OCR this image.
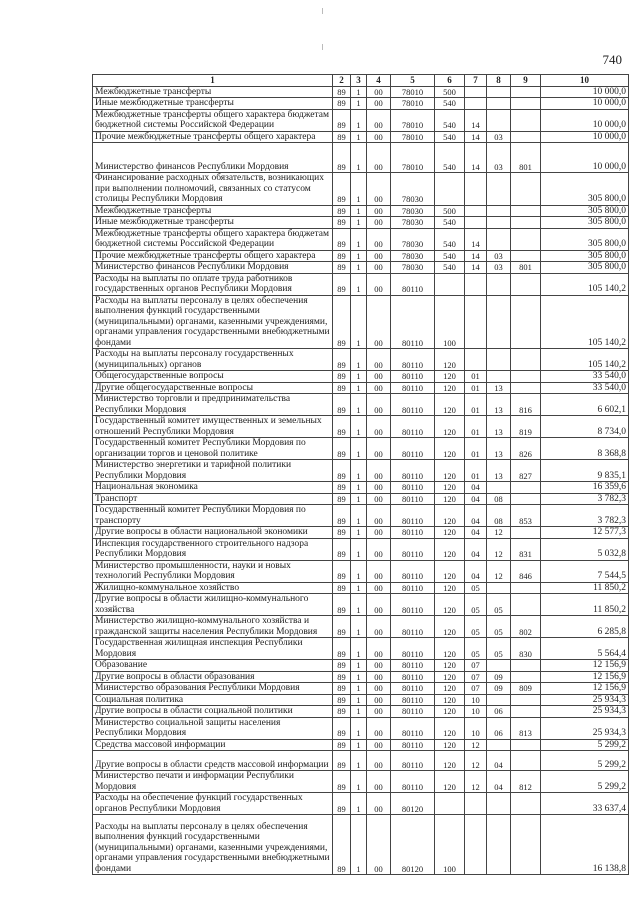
740
1	2	3	4	5	6	7	8	9	10
Межбюджетные трансферты	89	1	00	78010	500				10 000,0
Иные межбюджетные трансферты	89	1	00	78010	540				10 000,0
Межбюджетные трансферты общего характера бюджетам бюджетной системы Российской Федерации	89	1	00	78010	540	14			10 000,0
Прочие межбюджетные трансферты общего характера	89	1	00	78010	540	14	03		10 000,0
Министерство финансов Республики Мордовия	89	1	00	78010	540	14	03	801	10 000,0
Финансирование расходных обязательств, возникающих при выполнении полномочий, связанных со статусом столицы Республики Мордовия	89	1	00	78030					305 800,0
Межбюджетные трансферты	89	1	00	78030	500				305 800,0
Иные межбюджетные трансферты	89	1	00	78030	540				305 800,0
Межбюджетные трансферты общего характера бюджетам бюджетной системы Российской Федерации	89	1	00	78030	540	14			305 800,0
Прочие межбюджетные трансферты общего характера	89	1	00	78030	540	14	03		305 800,0
Министерство финансов Республики Мордовия	89	1	00	78030	540	14	03	801	305 800,0
Расходы на выплаты по оплате труда работников государственных органов Республики Мордовия	89	1	00	80110					105 140,2
Расходы на выплаты персоналу в целях обеспечения выполнения функций государственными (муниципальными) органами, казенными учреждениями, органами управления государственными внебюджетными фондами	89	1	00	80110	100				105 140,2
Расходы на выплаты персоналу государственных (муниципальных) органов	89	1	00	80110	120				105 140,2
Общегосударственные вопросы	89	1	00	80110	120	01			33 540,0
Другие общегосударственные вопросы	89	1	00	80110	120	01	13		33 540,0
Министерство торговли и предпринимательства Республики Мордовия	89	1	00	80110	120	01	13	816	6 602,1
Государственный комитет имущественных и земельных отношений Республики Мордовия	89	1	00	80110	120	01	13	819	8 734,0
Государственный комитет Республики Мордовия по организации торгов и ценовой политике	89	1	00	80110	120	01	13	826	8 368,8
Министерство энергетики и тарифной политики Республики Мордовия	89	1	00	80110	120	01	13	827	9 835,1
Национальная экономика	89	1	00	80110	120	04			16 359,6
Транспорт	89	1	00	80110	120	04	08		3 782,3
Государственный комитет Республики Мордовия по транспорту	89	1	00	80110	120	04	08	853	3 782,3
Другие вопросы в области национальной экономики	89	1	00	80110	120	04	12		12 577,3
Инспекция государственного строительного надзора Республики Мордовия	89	1	00	80110	120	04	12	831	5 032,8
Министерство промышленности, науки и новых технологий Республики Мордовия	89	1	00	80110	120	04	12	846	7 544,5
Жилищно-коммунальное хозяйство	89	1	00	80110	120	05			11 850,2
Другие вопросы в области жилищно-коммунального хозяйства	89	1	00	80110	120	05	05		11 850,2
Министерство жилищно-коммунального хозяйства и гражданской защиты населения Республики Мордовия	89	1	00	80110	120	05	05	802	6 285,8
Государственная жилищная инспекция Республики Мордовия	89	1	00	80110	120	05	05	830	5 564,4
Образование	89	1	00	80110	120	07			12 156,9
Другие вопросы в области образования	89	1	00	80110	120	07	09		12 156,9
Министерство образования Республики Мордовия	89	1	00	80110	120	07	09	809	12 156,9
Социальная политика	89	1	00	80110	120	10			25 934,3
Другие вопросы в области социальной политики	89	1	00	80110	120	10	06		25 934,3
Министерство социальной защиты населения Республики Мордовия	89	1	00	80110	120	10	06	813	25 934,3
Средства массовой информации	89	1	00	80110	120	12			5 299,2
Другие вопросы в области средств массовой информации	89	1	00	80110	120	12	04		5 299,2
Министерство печати и информации Республики Мордовия	89	1	00	80110	120	12	04	812	5 299,2
Расходы на обеспечение функций государственных органов Республики Мордовия	89	1	00	80120					33 637,4
Расходы на выплаты персоналу в целях обеспечения выполнения функций государственными (муниципальными) органами, казенными учреждениями, органами управления государственными внебюджетными фондами	89	1	00	80120	100				16 138,8
